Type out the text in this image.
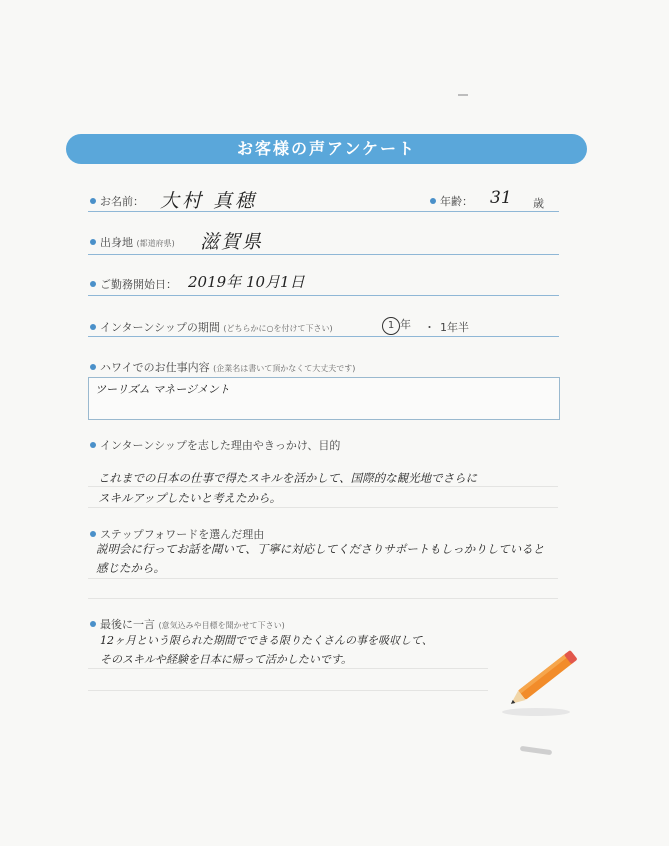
お客様の声アンケート
お名前： 大村 真穂	年齢： 31 歳
出身地 (都道府県) 滋賀県
ご勤務開始日： 2019年 10月1日
インターンシップの期間 (どちらかに○を付けて下さい)	1 年 ・ 1年半
ハワイでのお仕事内容 (企業名は書いて頂かなくて大丈夫です)
ツーリズム マネージメント
インターンシップを志した理由やきっかけ、目的
これまでの日本の仕事で得たスキルを活かして、国際的な観光地でさらに
スキルアップしたいと考えたから。
ステップフォワードを選んだ理由
説明会に行ってお話を聞いて、丁寧に対応してくださりサポートもしっかりしていると
感じたから。
最後に一言 (意気込みや目標を聞かせて下さい)
12ヶ月という限られた期間でできる限りたくさんの事を吸収して、
そのスキルや経験を日本に帰って活かしたいです。
